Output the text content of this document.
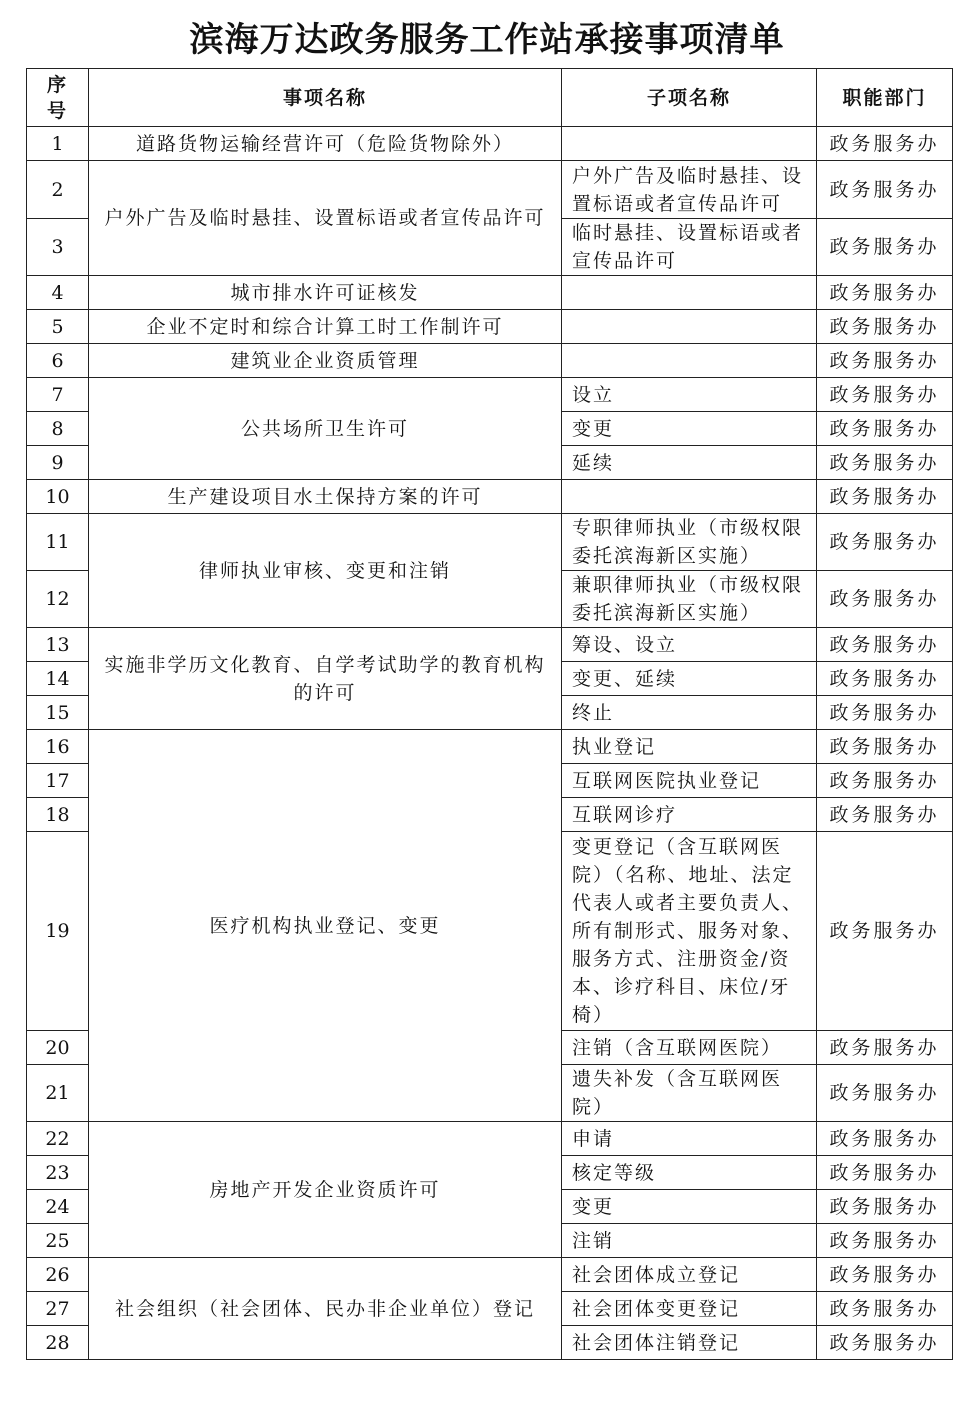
滨海万达政务服务工作站承接事项清单
序号	事项名称	子项名称	职能部门
1	道路货物运输经营许可（危险货物除外）		政务服务办
2	户外广告及临时悬挂、设置标语或者宣传品许可	户外广告及临时悬挂、设置标语或者宣传品许可	政务服务办
3		临时悬挂、设置标语或者宣传品许可	政务服务办
4	城市排水许可证核发		政务服务办
5	企业不定时和综合计算工时工作制许可		政务服务办
6	建筑业企业资质管理		政务服务办
7	公共场所卫生许可	设立	政务服务办
8		变更	政务服务办
9		延续	政务服务办
10	生产建设项目水土保持方案的许可		政务服务办
11	律师执业审核、变更和注销	专职律师执业（市级权限委托滨海新区实施）	政务服务办
12		兼职律师执业（市级权限委托滨海新区实施）	政务服务办
13	实施非学历文化教育、自学考试助学的教育机构的许可	筹设、设立	政务服务办
14		变更、延续	政务服务办
15		终止	政务服务办
16	医疗机构执业登记、变更	执业登记	政务服务办
17		互联网医院执业登记	政务服务办
18		互联网诊疗	政务服务办
19		变更登记（含互联网医院）（名称、地址、法定代表人或者主要负责人、所有制形式、服务对象、服务方式、注册资金/资本、诊疗科目、床位/牙椅）	政务服务办
20		注销（含互联网医院）	政务服务办
21		遗失补发（含互联网医院）	政务服务办
22	房地产开发企业资质许可	申请	政务服务办
23		核定等级	政务服务办
24		变更	政务服务办
25		注销	政务服务办
26	社会组织（社会团体、民办非企业单位）登记	社会团体成立登记	政务服务办
27		社会团体变更登记	政务服务办
28		社会团体注销登记	政务服务办
